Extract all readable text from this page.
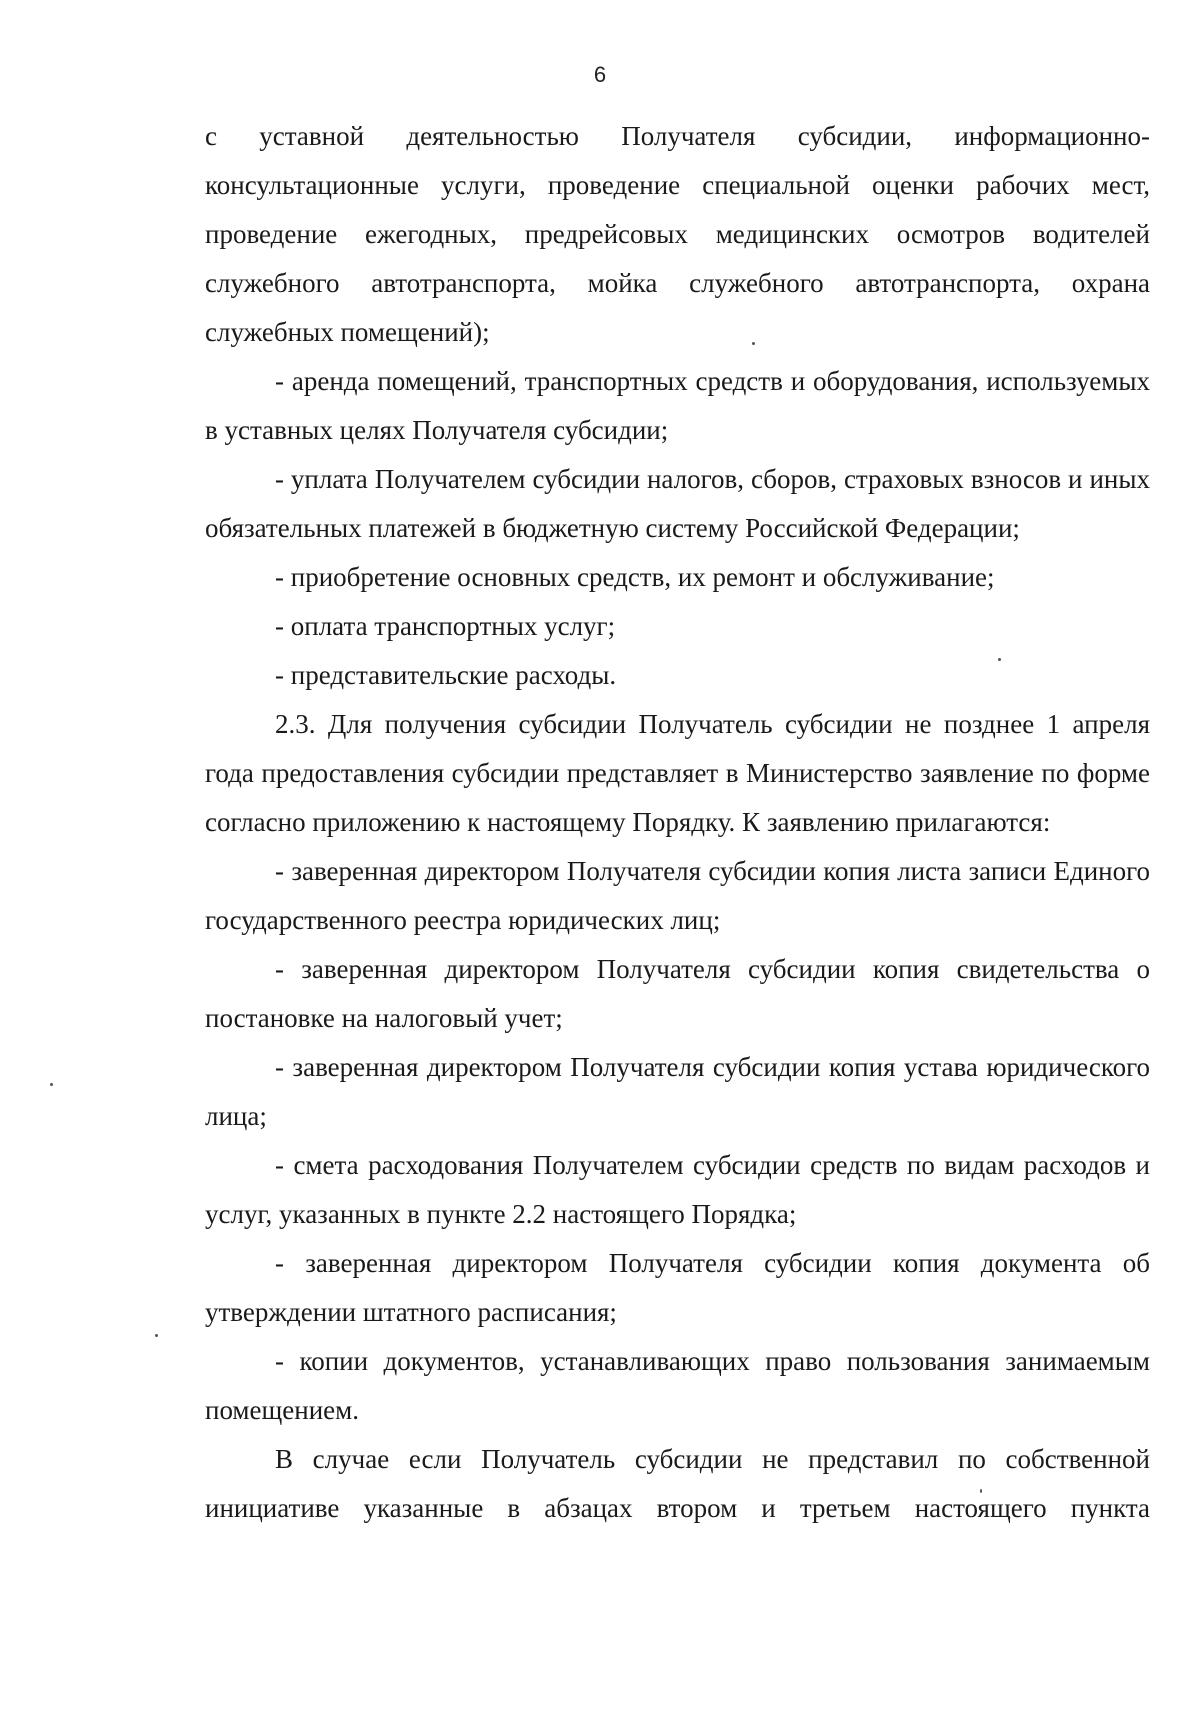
6

с уставной деятельностью Получателя субсидии, информационно-консультационные услуги, проведение специальной оценки рабочих мест, проведение ежегодных, предрейсовых медицинских осмотров водителей служебного автотранспорта, мойка служебного автотранспорта, охрана служебных помещений);

- аренда помещений, транспортных средств и оборудования, используемых в уставных целях Получателя субсидии;

- уплата Получателем субсидии налогов, сборов, страховых взносов и иных обязательных платежей в бюджетную систему Российской Федерации;

- приобретение основных средств, их ремонт и обслуживание;

- оплата транспортных услуг;

- представительские расходы.

2.3. Для получения субсидии Получатель субсидии не позднее 1 апреля года предоставления субсидии представляет в Министерство заявление по форме согласно приложению к настоящему Порядку. К заявлению прилагаются:

- заверенная директором Получателя субсидии копия листа записи Единого государственного реестра юридических лиц;

- заверенная директором Получателя субсидии копия свидетельства о постановке на налоговый учет;

- заверенная директором Получателя субсидии копия устава юридического лица;

- смета расходования Получателем субсидии средств по видам расходов и услуг, указанных в пункте 2.2 настоящего Порядка;

- заверенная директором Получателя субсидии копия документа об утверждении штатного расписания;

- копии документов, устанавливающих право пользования занимаемым помещением.

В случае если Получатель субсидии не представил по собственной инициативе указанные в абзацах втором и третьем настоящего пункта
